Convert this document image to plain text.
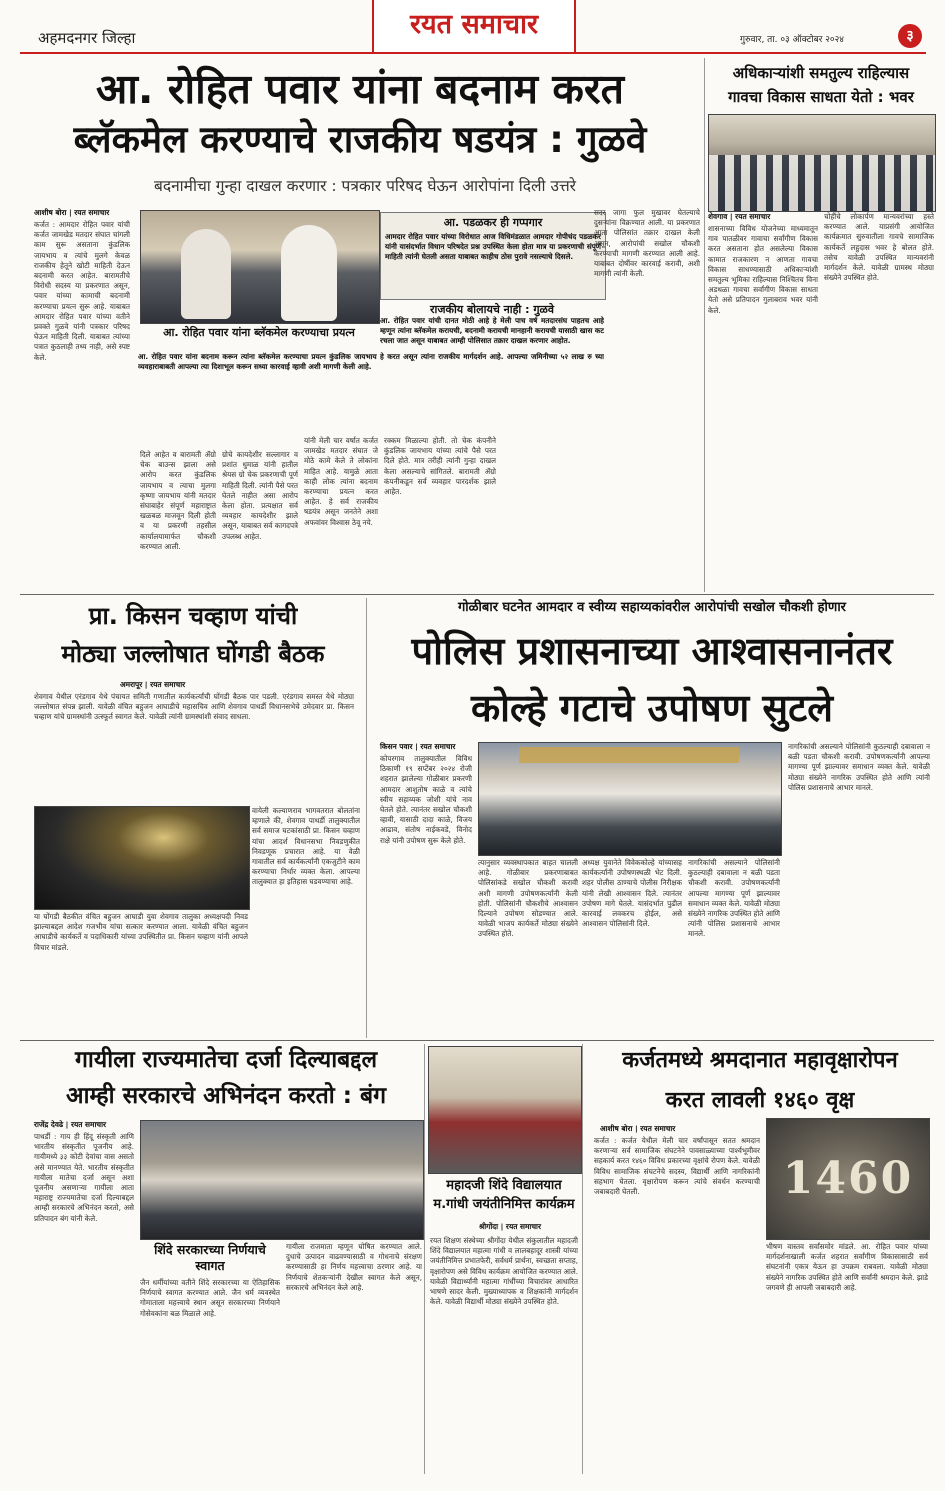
अहमदनगर जिल्हा	रयत समाचार	गुरुवार, ता. ०३ ऑक्टोबर २०२४	३
आ. रोहित पवार यांना बदनाम करत
ब्लॅकमेल करण्याचे राजकीय षडयंत्र : गुळवे
बदनामीचा गुन्हा दाखल करणार : पत्रकार परिषद घेऊन आरोपांना दिली उत्तरे
आशीष बोरा | रयत समाचार
कर्जत : आमदार रोहित पवार यांची कर्जत जामखेड मतदार संघात चांगली काम सुरू असताना कुंडलिक जायभाय व त्यांचे मुलगे केवळ राजकीय हेतूने खोटी माहिती देऊन बदनामी करत आहेत. बारामतीचे विरोधी सदस्य या प्रकरणात असून, पवार यांच्या कामाची बदनामी करण्याचा प्रयत्न सुरू आहे. याबाबत आमदार रोहित पवार यांच्या वतीने प्रवक्ते गुळवे यांनी पत्रकार परिषद घेऊन माहिती दिली. याबाबत त्यांच्या पत्रात कुठलाही तथ्य नाही, असे स्पष्ट केले.
आ. रोहित पवार यांना ब्लॅकमेल करण्याचा प्रयत्न
आ. रोहित पवार यांना बदनाम करून त्यांना ब्लॅकमेल करण्याचा प्रयत्न कुंडलिक जायभाय हे करत असून त्यांना राजकीय मार्गदर्शन आहे. आपल्या जमिनीच्या ५२ लाख रु च्या व्यवहाराबाबती आपल्या त्या दिशाभूल करून सध्या कारवाई व्हावी अशी मागणी केली आहे.
आ. पडळकर ही गप्पगार
आमदार रोहित पवार यांच्या विरोधात आज विधिमंडळात आमदार गोपीचंद पडळकर यांनी यासंदर्भात विधान परिषदेत प्रश्न उपस्थित केला होता मात्र या प्रकरणाची संपूर्ण माहिती त्यांनी घेतली असता याबाबत काहीच ठोस पुरावे नसल्याचे दिसले.
राजकीय बोलायचे नाही : गुळवे
आ. रोहित पवार यांची दानत मोठी आहे हे मेली पाच वर्ष मतदारसंघ पाहतच आहे म्हणून त्यांना ब्लॅकमेल करायची, बदनामी करायची मानहानी करायची यासाठी खास कट रचला जात असून याबाबत आम्ही पोलिसात तक्रार दाखल करणार आहोत.
दिले आहेत व बारामती ॲग्रो चेक बाउन्स झाला असे आरोप करत कुंडलिक जायभाय व त्याचा मुलगा कृष्णा जायभाय यांनी मतदार संघाबाहेर संपूर्ण महाराष्ट्रात खळबळ माजवून दिली होती व या प्रकरणी तहसील कार्यालयामार्फत चौकशी करण्यात आली.
ग्रोचे कायदेशीर सल्लागार व प्रशांत धुमाळ यांनी हातील श्रेयस ग्रो चेक प्रकरणाची पूर्ण माहिती दिली. त्यांनी पैसे परत घेतले नाहीत असा आरोप केला होता. प्रत्यक्षात सर्व व्यवहार कायदेशीर झाले असून, याबाबत सर्व कागदपत्रे उपलब्ध आहेत.
यांनी मेली चार वर्षात कर्जत जामखेड मतदार संघात जे मोठे कामे केले ते लोकांना माहित आहे. यामुळे आता काही लोक त्यांना बदनाम करण्याचा प्रयत्न करत आहेत. हे सर्व राजकीय षडयंत्र असून जनतेने अशा अफवांवर विश्वास ठेवू नये.
रक्कम मिळाल्या होती. तो चेक कंपनीने कुंडलिक जायभाय यांच्या त्यांचे पैसे परत दिले होते. मात्र तरीही त्यांनी गुन्हा दाखल केला असल्याचे सांगितले. बारामती ॲग्रो कंपनीकडून सर्व व्यवहार पारदर्शक झाले आहेत.
सदर जागा फुल मुखावर घेतल्याचे दुसऱ्यांना विक्रण्यात आली. या प्रकरणात आता पोलिसांत तक्रार दाखल केली असून, आरोपांची सखोल चौकशी करण्याची मागणी करण्यात आली आहे. याबाबत दोषींवर कारवाई करावी, अशी मागणी त्यांनी केली.
अधिकाऱ्यांशी समतुल्य राहिल्यास
गावचा विकास साधता येतो : भवर
शेवगाव | रयत समाचार
शासनाच्या विविध योजनेच्या माध्यमातून गाव पातळीवर गावाचा सर्वांगीण विकास करत असताना होत असलेल्या विकास कामात राजकारण न आणता गावचा विकास साधण्यासाठी अधिकाऱ्यांशी समतुल्य भूमिका राहिल्यास निश्चितच विना अडथळा गावचा सर्वांगीण विकास साधता येतो असे प्रतिपादन गुलाबराव भवर यांनी केले.
चोहींचे लोकार्पण मान्यवरांच्या हस्ते करण्यात आले. याप्रसंगी आयोजित कार्यक्रमात सुरुवातीला गावचे सामाजिक कार्यकर्ते लहुदास भवर हे बोलत होते. तसेच यावेळी उपस्थित मान्यवरांनी मार्गदर्शन केले. यावेळी ग्रामस्थ मोठ्या संख्येने उपस्थित होते.
प्रा. किसन चव्हाण यांची
मोठ्या जल्लोषात घोंगडी बैठक
अमरापूर | रयत समाचार
शेवगाव येथील एरंडगाव येथे पंचायत समिती गणातील कार्यकर्त्यांची घोंगडी बैठक पार पडली. एरंडगाव समस्त येथे मोठ्या जल्लोषात संपन्न झाली. यावेळी वंचित बहुजन आघाडीचे महासचिव आणि शेवगाव पाथर्डी विधानसभेचे उमेदवार प्रा. किसन चव्हाण यांचे ग्रामस्थांनी उत्स्फूर्त स्वागत केले. यावेळी त्यांनी ग्रामस्थांशी संवाद साधला.
या घोंगडी बैठकीत वंचित बहुजन आघाडी युवा शेवगाव तालुका अध्यक्षपदी निवड झाल्याबद्दल आदेश गजभीव यांचा सत्कार करण्यात आला. यावेळी वंचित बहुजन आघाडीचे कार्यकर्ते व पदाधिकारी यांच्या उपस्थितीत प्रा. किसन चव्हाण यांनी आपले विचार मांडले.
वायेली कल्याणराव भागवतरात बोलतांना म्हणाले की, शेवगाव पाथर्डी तालुक्यातील सर्व समाज घटकांसाठी प्रा. किसन चव्हाण यांचा आदर्श विधानसभा निवडणुकीत निवडणूक प्रचारात आहे. या वेळी गावातील सर्व कार्यकर्त्यांनी एकजुटीने काम करण्याचा निर्धार व्यक्त केला. आपल्या तालुक्यात हा इतिहास घडवण्याचा आहे.
गोळीबार घटनेत आमदार व स्वीय्य सहाय्यकांवरील आरोपांची सखोल चौकशी होणार
पोलिस प्रशासनाच्या आश्वासनानंतर
कोल्हे गटाचे उपोषण सुटले
किसन पवार | रयत समाचार
कोपरगाव तालुक्यातील विविध ठिकाणी १९ सप्टेंबर २०२४ रोजी शहरात झालेल्या गोळीबार प्रकरणी आमदार आशुतोष काळे व त्यांचे स्वीय सहाय्यक जोशी यांचे नाव घेतले होते. त्यानंतर सखोल चौकशी व्हावी, यासाठी दादा काळे, विजय आढाव, संतोष नाईकवडे, विनोद राक्षे यांनी उपोषण सुरू केले होते.
त्यानुसार व्यवस्थापकात बाहत चालली आहे. गोळीबार प्रकरणाबाबत पोलिसांकडे सखोल चौकशी करावी अशी मागणी उपोषणकर्त्यांनी केली होती. पोलिसांनी चौकशीचे आश्वासन दिल्याने उपोषण सोडण्यात आले. यावेळी भाजप कार्यकर्ते मोठ्या संख्येने उपस्थित होते.
अध्यक्ष युवानेते विवेककोल्हे यांच्यासह कार्यकर्त्यांनी उपोषणस्थळी भेट दिली. शहर पोलीस ठाण्याचे पोलीस निरीक्षक यांनी लेखी आश्वासन दिले. त्यानंतर उपोषण मागे घेतले. यासंदर्भात पुढील कारवाई लवकरच होईल, असे आश्वासन पोलिसांनी दिले.
नागरिकांची असल्याने पोलिसांनी कुठल्याही दबावाला न बळी पडता चौकशी करावी. उपोषणकर्त्यांनी आपल्या मागण्या पूर्ण झाल्यावर समाधान व्यक्त केले. यावेळी मोठ्या संख्येने नागरिक उपस्थित होते आणि त्यांनी पोलिस प्रशासनाचे आभार मानले.
नागरिकांची असल्याने पोलिसांनी कुठल्याही दबावाला न बळी पडता चौकशी करावी. उपोषणकर्त्यांनी आपल्या मागण्या पूर्ण झाल्यावर समाधान व्यक्त केले. यावेळी मोठ्या संख्येने नागरिक उपस्थित होते आणि त्यांनी पोलिस प्रशासनाचे आभार मानले.
गायीला राज्यमातेचा दर्जा दिल्याबद्दल
आम्ही सरकारचे अभिनंदन करतो : बंग
राजेंद्र देवढे | रयत समाचार
पाथर्डी : गाय ही हिंदू संस्कृती आणि भारतीय संस्कृतीत पूजनीय आहे. गायीमध्ये ३३ कोटी देवांचा वास असतो असे मानण्यात येते. भारतीय संस्कृतीत गायीला मातेचा दर्जा असून अशा पूजनीय असणाऱ्या गायीला आता महाराष्ट्र राज्यमातेचा दर्जा दिल्याबद्दल आम्ही सरकारचे अभिनंदन करतो, असे प्रतिपादन बंग यांनी केले.
शिंदे सरकारच्या निर्णयाचे स्वागत
जैन धर्मीयांच्या वतीने शिंदे सरकारच्या या ऐतिहासिक निर्णयाचे स्वागत करण्यात आले. जैन धर्म व्यवस्थेत गोमाताला महत्त्वाचे स्थान असून सरकारच्या निर्णयाने गोसेवकांना बळ मिळाले आहे.
गायीला राजमाता म्हणून घोषित करण्यात आले. दुधाचे उत्पादन वाढवण्यासाठी व गोधनाचे संरक्षण करण्यासाठी हा निर्णय महत्त्वाचा ठरणार आहे. या निर्णयाचे शेतकऱ्यांनी देखील स्वागत केले असून, सरकारचे अभिनंदन केले आहे.
महादजी शिंदे विद्यालयात म.गांधी जयंतीनिमित्त कार्यक्रम
श्रीगोंदा | रयत समाचार
रयत शिक्षण संस्थेच्या श्रीगोंदा येथील संकुलातील महादजी शिंदे विद्यालयात महात्मा गांधी व लालबहादूर शास्त्री यांच्या जयंतीनिमित्त प्रभातफेरी, सर्वधर्म प्रार्थना, स्वच्छता सप्ताह, वृक्षारोपण असे विविध कार्यक्रम आयोजित करण्यात आले. यावेळी विद्यार्थ्यांनी महात्मा गांधींच्या विचारांवर आधारित भाषणे सादर केली. मुख्याध्यापक व शिक्षकांनी मार्गदर्शन केले. यावेळी विद्यार्थी मोठ्या संख्येने उपस्थित होते.
कर्जतमध्ये श्रमदानात महावृक्षारोपन
करत लावली १४६० वृक्ष
आशीष बोरा | रयत समाचार
कर्जत : कर्जत येथील मेली चार वर्षांपासून सतत श्रमदान करणाऱ्या सर्व सामाजिक संघटनेने पावसाळ्याच्या पार्श्वभूमीवर सहकार्य करत १४६० विविध प्रकारच्या वृक्षांचे रोपण केले. यावेळी विविध सामाजिक संघटनेचे सदस्य, विद्यार्थी आणि नागरिकांनी सहभाग घेतला. वृक्षारोपण करून त्यांचे संवर्धन करण्याची जबाबदारी घेतली.	1460
भीषण वास्तव सर्वांसमोर मांडले. आ. रोहित पवार यांच्या मार्गदर्शनाखाली कर्जत शहरात सर्वांगीण विकासासाठी सर्व संघटनांनी एकत्र येऊन हा उपक्रम राबवला. यावेळी मोठ्या संख्येने नागरिक उपस्थित होते आणि सर्वांनी श्रमदान केले. झाडे जगवणे ही आपली जबाबदारी आहे.
